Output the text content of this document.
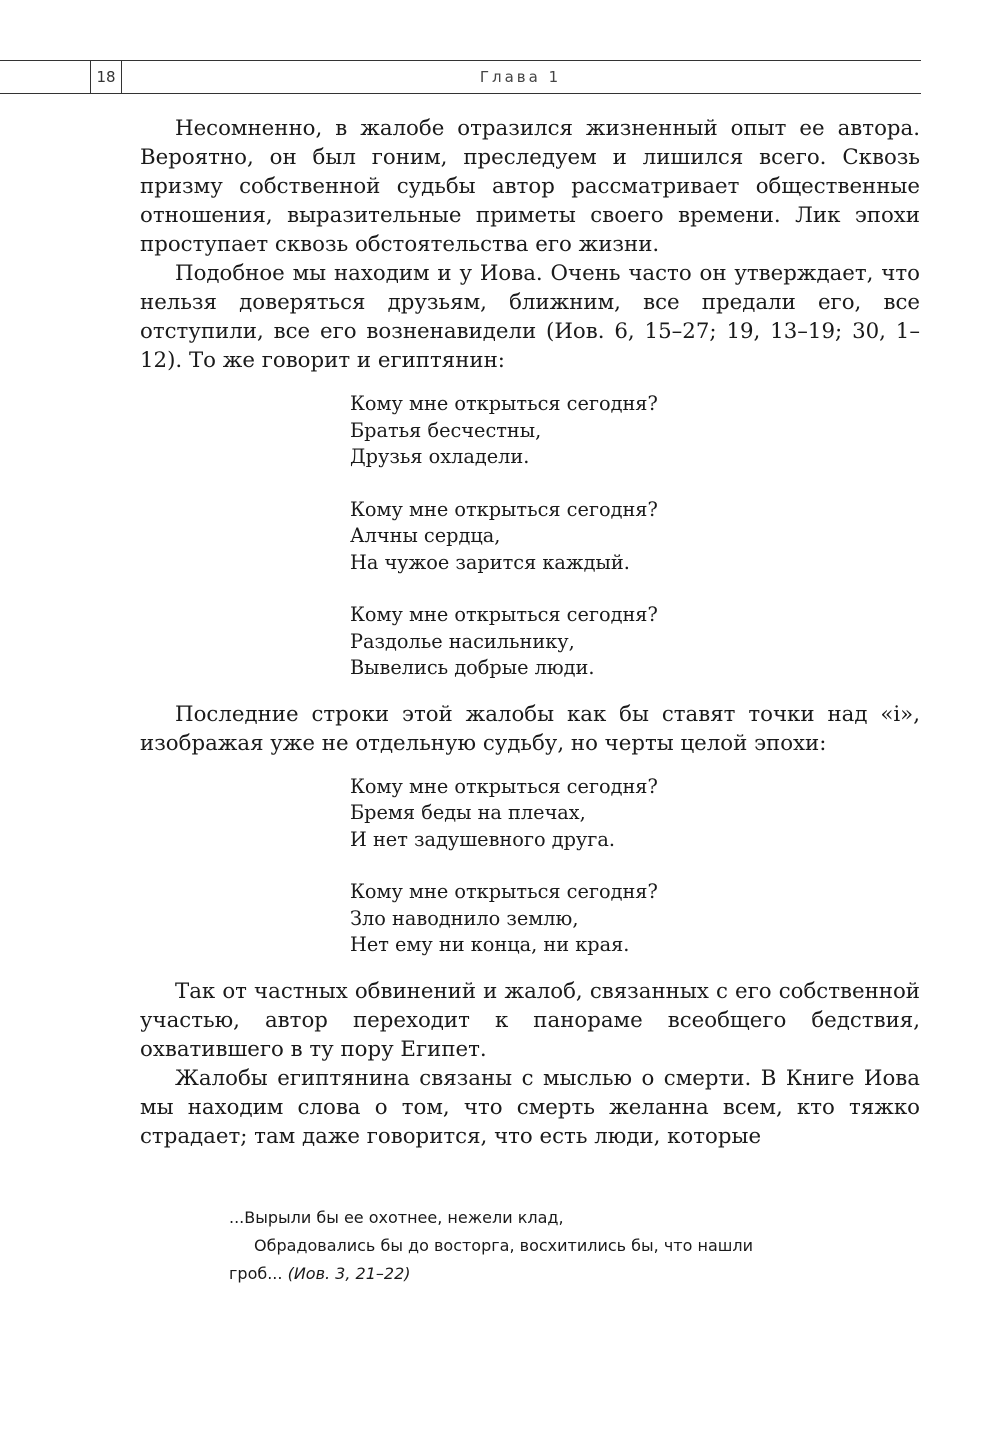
18	Глава 1

Несомненно, в жалобе отразился жизненный опыт ее автора. Вероятно, он был гоним, преследуем и лишился всего. Сквозь призму собственной судьбы автор рассматривает общественные отношения, выразительные приметы своего времени. Лик эпохи проступает сквозь обстоятельства его жизни.

Подобное мы находим и у Иова. Очень часто он утверждает, что нельзя доверяться друзьям, ближним, все предали его, все отступили, все его возненавидели (Иов. 6, 15–27; 19, 13–19; 30, 1–12). То же говорит и египтянин:

Кому мне открыться сегодня?
Братья бесчестны,
Друзья охладели.
Кому мне открыться сегодня?
Алчны сердца,
На чужое зарится каждый.
Кому мне открыться сегодня?
Раздолье насильнику,
Вывелись добрые люди.

Последние строки этой жалобы как бы ставят точки над «i», изображая уже не отдельную судьбу, но черты целой эпохи:

Кому мне открыться сегодня?
Бремя беды на плечах,
И нет задушевного друга.
Кому мне открыться сегодня?
Зло наводнило землю,
Нет ему ни конца, ни края.

Так от частных обвинений и жалоб, связанных с его собственной участью, автор переходит к панораме всеобщего бедствия, охватившего в ту пору Египет.

Жалобы египтянина связаны с мыслью о смерти. В Книге Иова мы находим слова о том, что смерть желанна всем, кто тяжко страдает; там даже говорится, что есть люди, которые

...Вырыли бы ее охотнее, нежели клад,
Обрадовались бы до восторга, восхитились бы, что нашли
гроб... (Иов. 3, 21–22)
